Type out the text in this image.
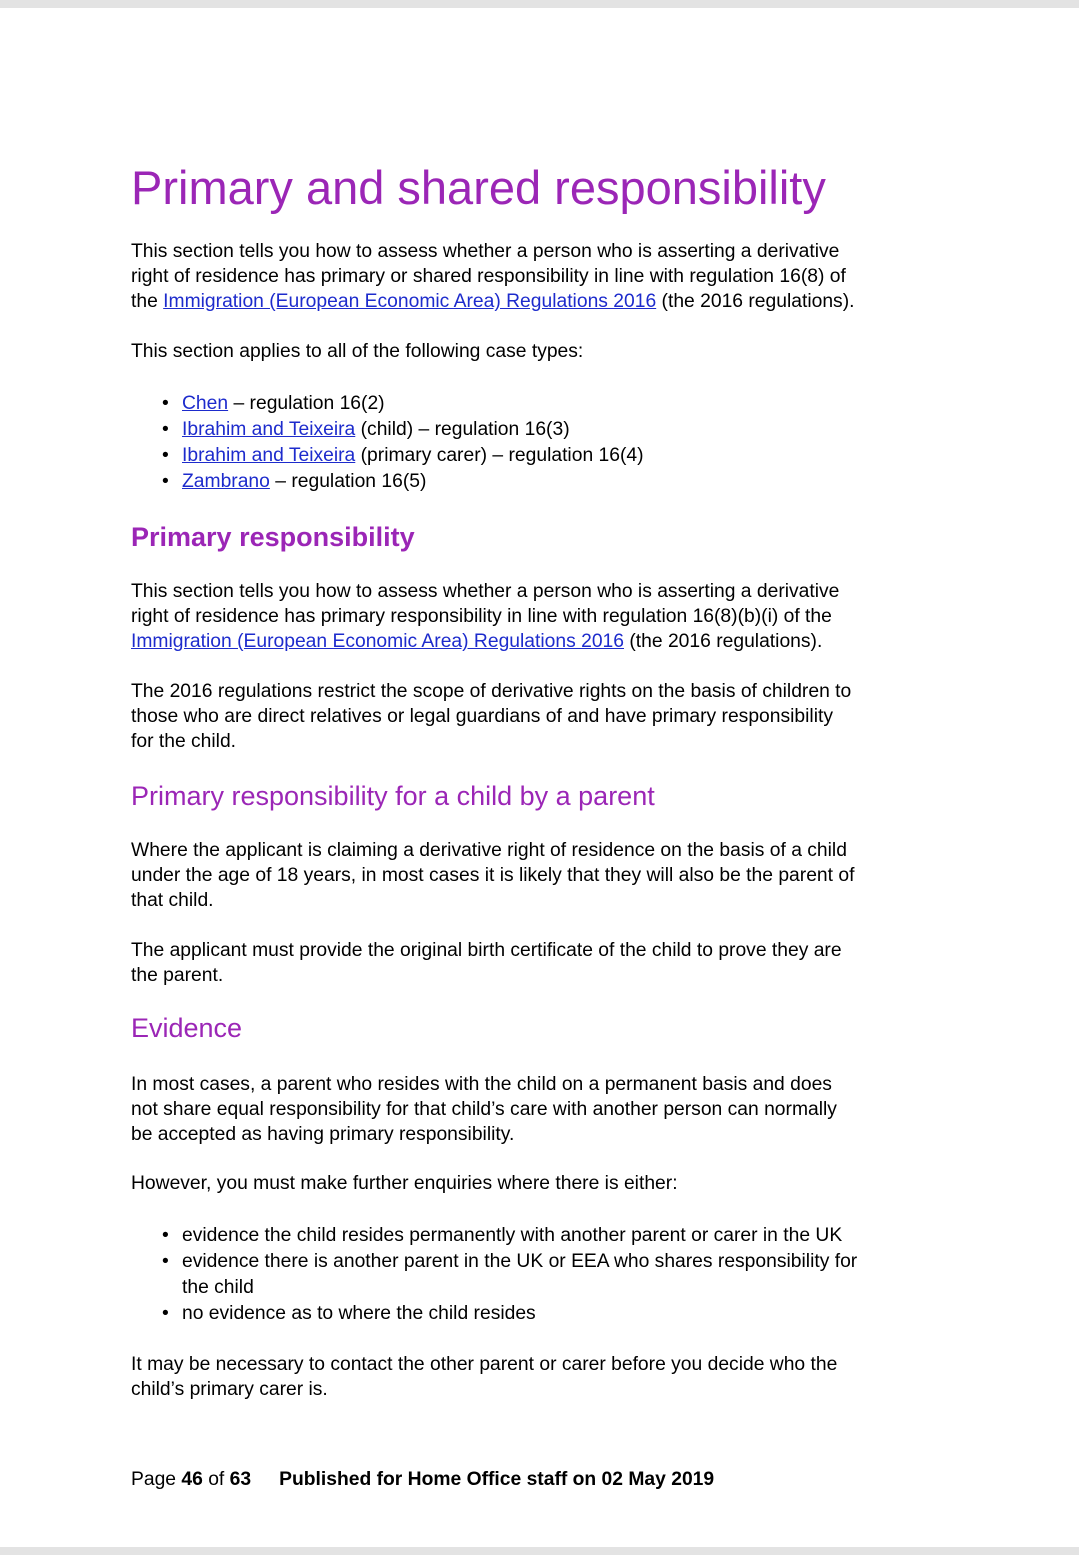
Primary and shared responsibility
This section tells you how to assess whether a person who is asserting a derivative
right of residence has primary or shared responsibility in line with regulation 16(8) of
the Immigration (European Economic Area) Regulations 2016 (the 2016 regulations).
This section applies to all of the following case types:
• Chen – regulation 16(2)
• Ibrahim and Teixeira (child) – regulation 16(3)
• Ibrahim and Teixeira (primary carer) – regulation 16(4)
• Zambrano – regulation 16(5)
Primary responsibility
This section tells you how to assess whether a person who is asserting a derivative
right of residence has primary responsibility in line with regulation 16(8)(b)(i) of the
Immigration (European Economic Area) Regulations 2016 (the 2016 regulations).
The 2016 regulations restrict the scope of derivative rights on the basis of children to
those who are direct relatives or legal guardians of and have primary responsibility
for the child.
Primary responsibility for a child by a parent
Where the applicant is claiming a derivative right of residence on the basis of a child
under the age of 18 years, in most cases it is likely that they will also be the parent of
that child.
The applicant must provide the original birth certificate of the child to prove they are
the parent.
Evidence
In most cases, a parent who resides with the child on a permanent basis and does
not share equal responsibility for that child’s care with another person can normally
be accepted as having primary responsibility.
However, you must make further enquiries where there is either:
• evidence the child resides permanently with another parent or carer in the UK
• evidence there is another parent in the UK or EEA who shares responsibility for
the child
• no evidence as to where the child resides
It may be necessary to contact the other parent or carer before you decide who the
child’s primary carer is.
Page 46 of 63 Published for Home Office staff on 02 May 2019
